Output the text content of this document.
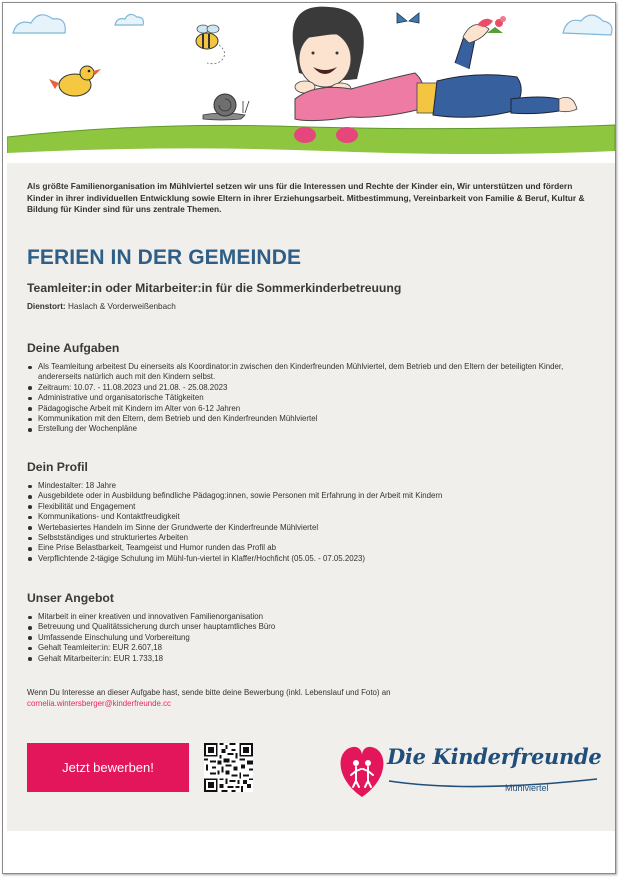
Als größte Familienorganisation im Mühlviertel setzen wir uns für die Interessen und Rechte der Kinder ein, Wir unterstützen und fördern Kinder in ihrer individuellen Entwicklung sowie Eltern in ihrer Erziehungsarbeit. Mitbestimmung, Vereinbarkeit von Familie & Beruf, Kultur & Bildung für Kinder sind für uns zentrale Themen.

FERIEN IN DER GEMEINDE
Teamleiter:in oder Mitarbeiter:in für die Sommerkinderbetreuung

Dienstort: Haslach & Vorderweißenbach

Deine Aufgaben
Als Teamleitung arbeitest Du einerseits als Koordinator:in zwischen den Kinderfreunden Mühlviertel, dem Betrieb und den Eltern der beteiligten Kinder, andererseits natürlich auch mit den Kindern selbst.
Zeitraum: 10.07. - 11.08.2023 und 21.08. - 25.08.2023
Administrative und organisatorische Tätigkeiten
Pädagogische Arbeit mit Kindern im Alter von 6-12 Jahren
Kommunikation mit den Eltern, dem Betrieb und den Kinderfreunden Mühlviertel
Erstellung der Wochenpläne
Dein Profil
Mindestalter: 18 Jahre
Ausgebildete oder in Ausbildung befindliche Pädagog:innen, sowie Personen mit Erfahrung in der Arbeit mit Kindern
Flexibilität und Engagement
Kommunikations- und Kontaktfreudigkeit
Wertebasiertes Handeln im Sinne der Grundwerte der Kinderfreunde Mühlviertel
Selbstständiges und strukturiertes Arbeiten
Eine Prise Belastbarkeit, Teamgeist und Humor runden das Profil ab
Verpflichtende 2-tägige Schulung im Mühl-fun-viertel in Klaffer/Hochficht (05.05. - 07.05.2023)
Unser Angebot
Mitarbeit in einer kreativen und innovativen Familienorganisation
Betreuung und Qualitätssicherung durch unser hauptamtliches Büro
Umfassende Einschulung und Vorbereitung
Gehalt Teamleiter:in: EUR 2.607,18
Gehalt Mitarbeiter:in: EUR 1.733,18

Wenn Du Interesse an dieser Aufgabe hast, sende bitte deine Bewerbung (inkl. Lebenslauf und Foto) an

cornelia.wintersberger@kinderfreunde.cc
Jetzt bewerben!	Die Kinderfreunde
Mühlviertel
